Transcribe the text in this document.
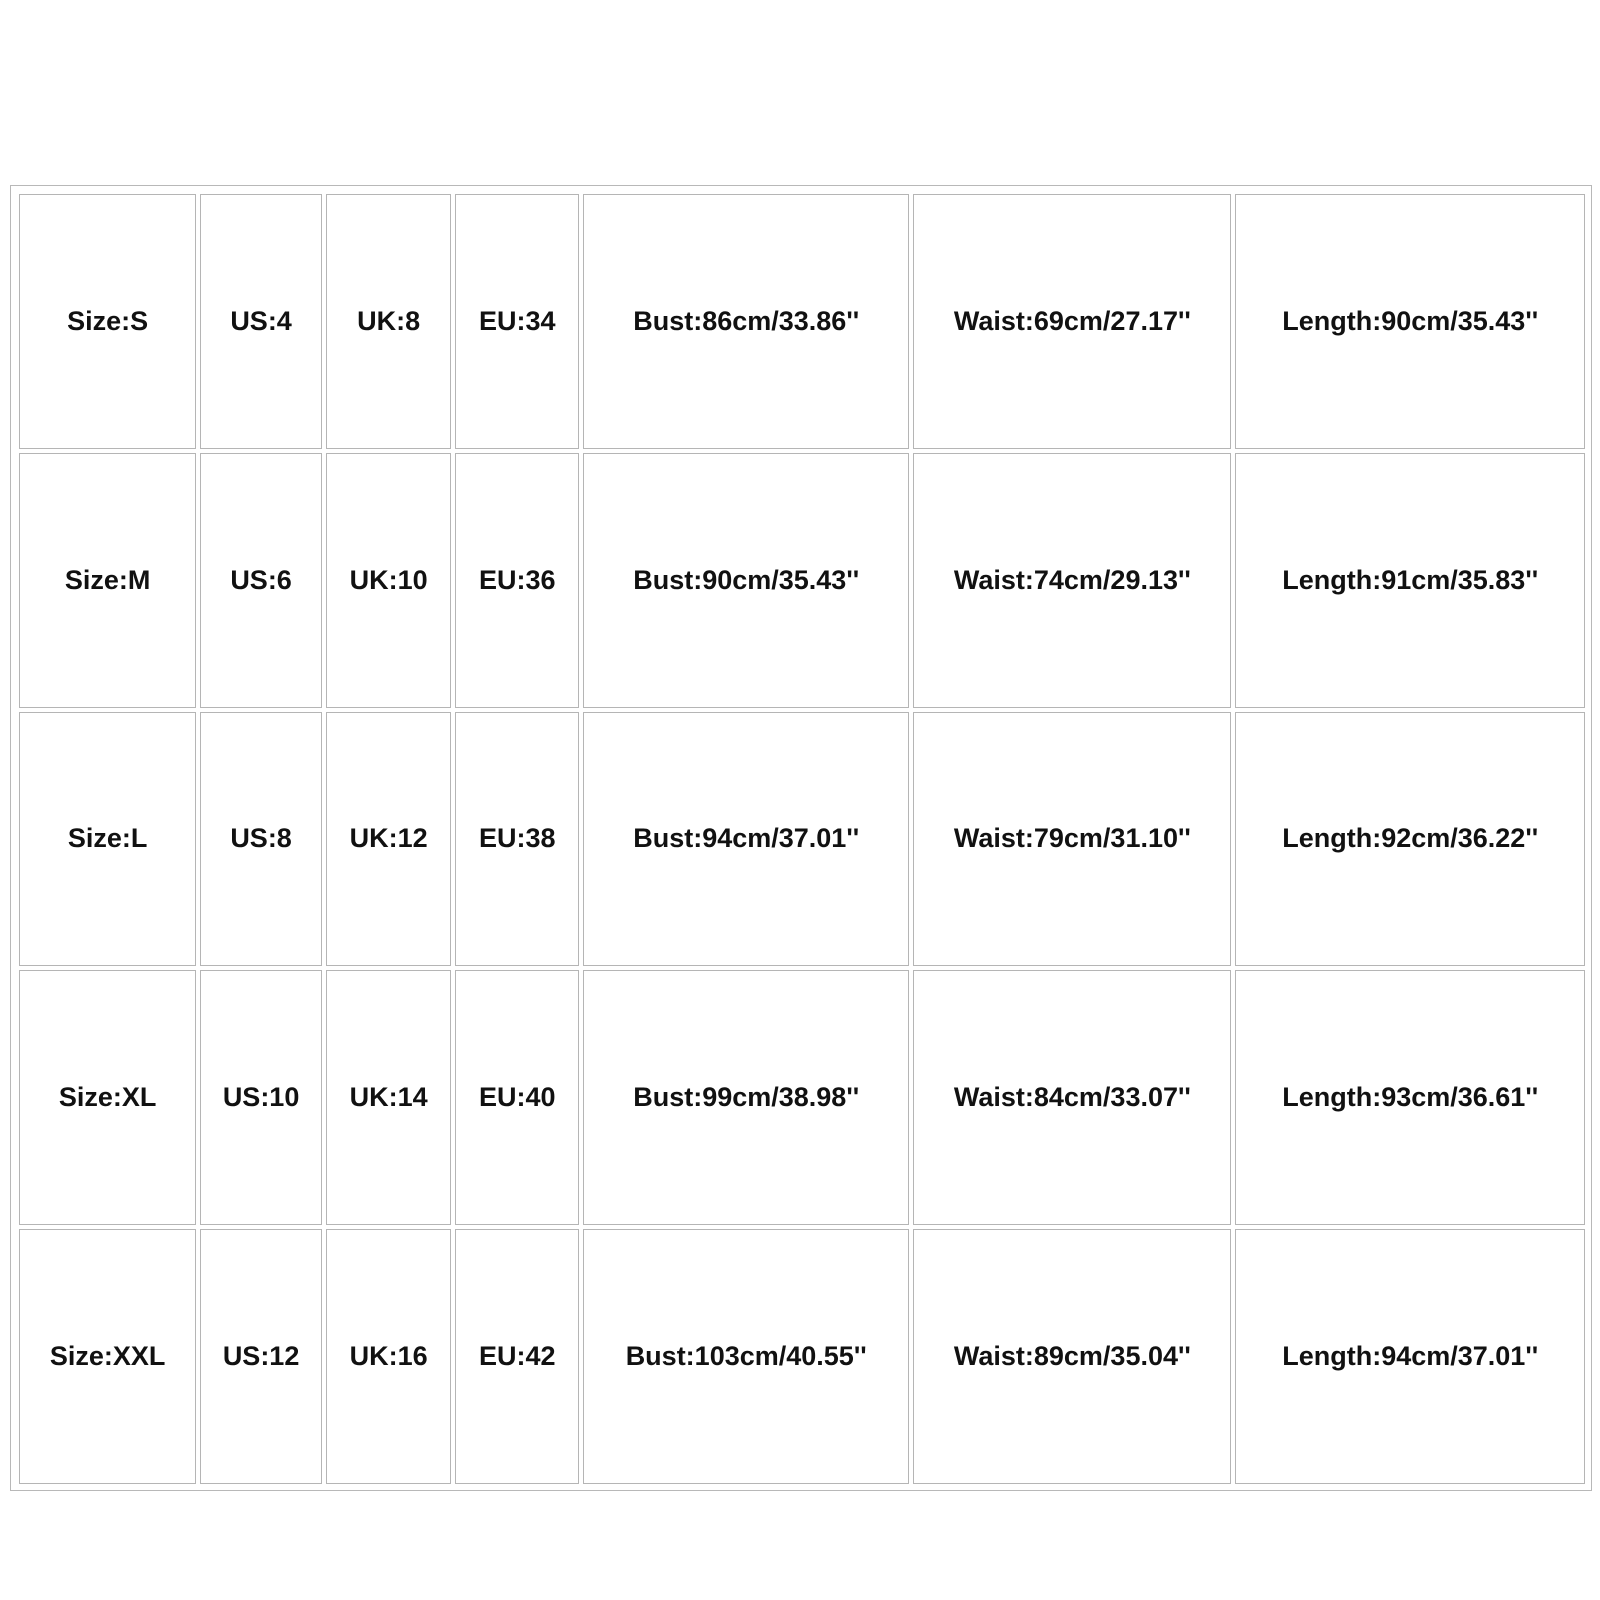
Size:S	US:4	UK:8	EU:34	Bust:86cm/33.86''	Waist:69cm/27.17''	Length:90cm/35.43''
Size:M	US:6	UK:10	EU:36	Bust:90cm/35.43''	Waist:74cm/29.13''	Length:91cm/35.83''
Size:L	US:8	UK:12	EU:38	Bust:94cm/37.01''	Waist:79cm/31.10''	Length:92cm/36.22''
Size:XL	US:10	UK:14	EU:40	Bust:99cm/38.98''	Waist:84cm/33.07''	Length:93cm/36.61''
Size:XXL	US:12	UK:16	EU:42	Bust:103cm/40.55''	Waist:89cm/35.04''	Length:94cm/37.01''
